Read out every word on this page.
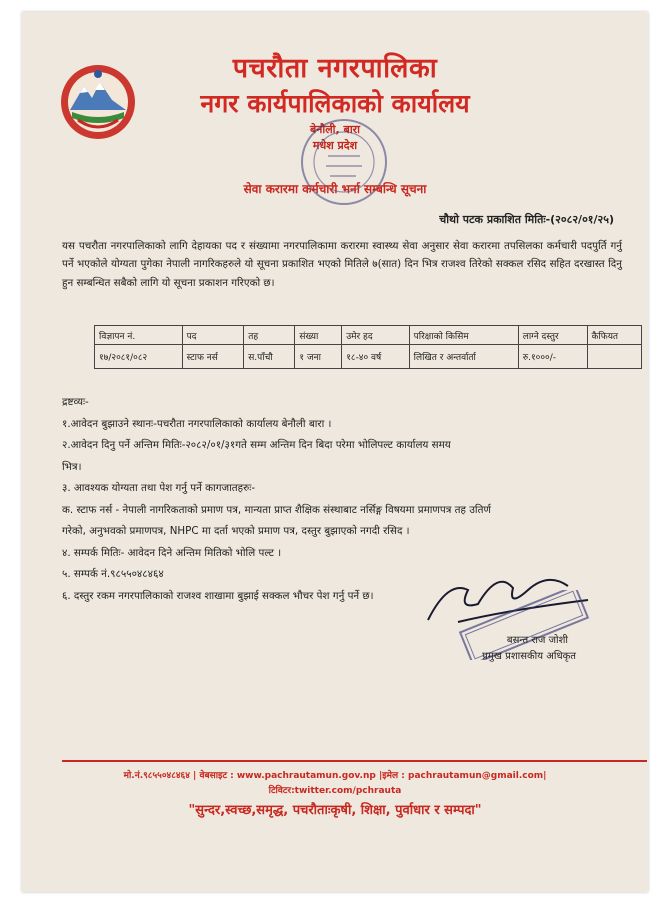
पचरौता नगरपालिका
नगर कार्यपालिकाको कार्यालय
बेनौली, बारा
मधेश प्रदेश
सेवा करारमा कर्मचारी भर्ना सम्बन्धि सूचना
चौथो पटक प्रकाशित मितिः-(२०८२/०१/२५)
यस पचरौता नगरपालिकाको लागि देहायका पद र संख्यामा नगरपालिकामा करारमा स्वास्थ्य सेवा अनुसार सेवा करारमा तपसिलका कर्मचारी पदपुर्ति गर्नु पर्ने भएकोले योग्यता पुगेका नेपाली नागरिकहरुले यो सूचना प्रकाशित भएको मितिले ७(सात) दिन भित्र राजश्व तिरेको सक्कल रसिद सहित दरखास्त दिनु हुन सम्बन्धित सबैको लागि यो सूचना प्रकाशन गरिएको छ।
विज्ञापन नं.	पद	तह	संख्या	उमेर हद	परिक्षाको किसिम	लाग्ने दस्तुर	कैफियत
१७/२०८१/०८२	स्टाफ नर्स	स.पाँचौ	१ जना	१८-४० वर्ष	लिखित र अन्तर्वार्ता	रु.१०००/-	
द्रष्टव्यः-
१.आवेदन बुझाउने स्थानः-पचरौता नगरपालिकाको कार्यालय बेनौली बारा ।
२.आवेदन दिनु पर्ने अन्तिम मितिः-२०८२/०१/३१गते सम्म अन्तिम दिन बिदा परेमा भोलिपल्ट कार्यालय समय
भित्र।
३. आवश्यक योग्यता तथा पेश गर्नु पर्ने कागजातहरुः-
क. स्टाफ नर्स - नेपाली नागरिकताको प्रमाण पत्र, मान्यता प्राप्त शैक्षिक संस्थाबाट नर्सिङ्ग विषयमा प्रमाणपत्र तह उतिर्ण
गरेको, अनुभवको प्रमाणपत्र, NHPC मा दर्ता भएको प्रमाण पत्र, दस्तुर बुझाएको नगदी रसिद ।
४. सम्पर्क मितिः- आवेदन दिने अन्तिम मितिको भोलि पल्ट ।
५. सम्पर्क नं.९८५५०४८४६४
६. दस्तुर रकम नगरपालिकाको राजश्व शाखामा बुझाई सक्कल भौचर पेश गर्नु पर्ने छ।
बसन्त राज जोशी
प्रमुख प्रशासकीय अधिकृत
मो.नं.९८५५०४८४६४ | वेबसाइट : www.pachrautamun.gov.np |इमेल : pachrautamun@gmail.com|
टिविटर:twitter.com/pchrauta
"सुन्दर,स्वच्छ,समृद्ध, पचरौताःकृषी, शिक्षा, पुर्वाधार र सम्पदा"
